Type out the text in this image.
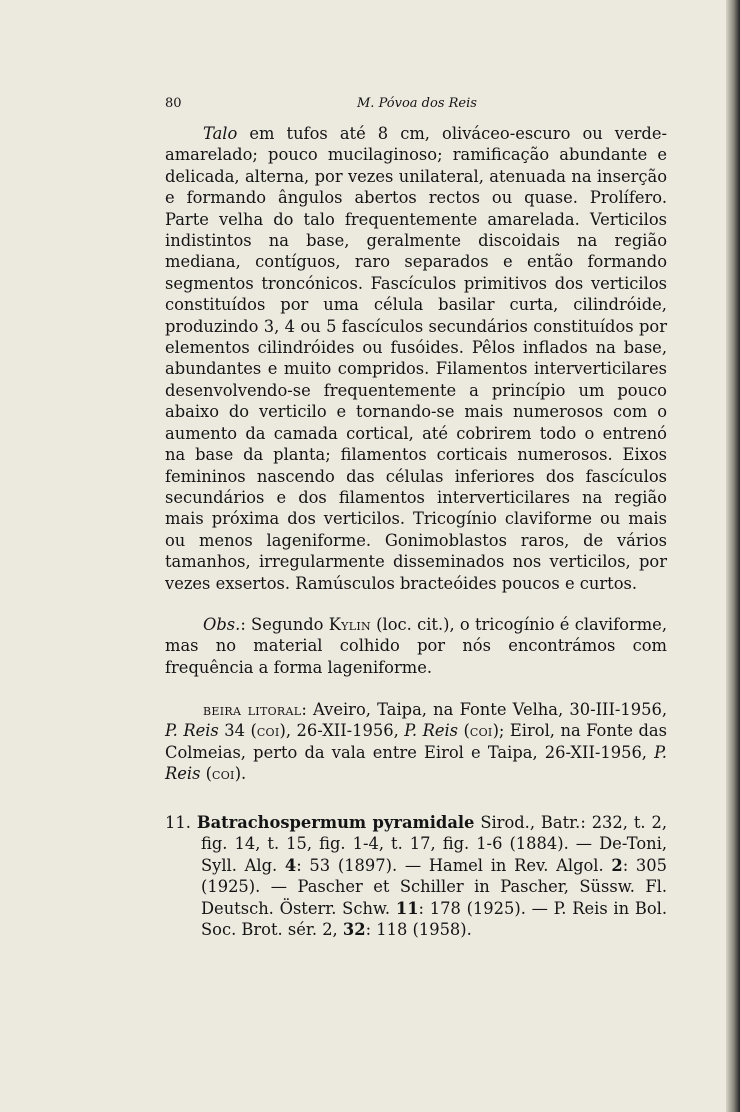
80	M. Póvoa dos Reis

Talo em tufos até 8 cm, oliváceo-escuro ou verde-amarelado; pouco mucilaginoso; ramificação abundante e delicada, alterna, por vezes unilateral, atenuada na inserção e formando ângulos abertos rectos ou quase. Prolífero. Parte velha do talo frequentemente amarelada. Verticilos indistintos na base, geralmente discoidais na região mediana, contíguos, raro separados e então formando segmentos troncónicos. Fascículos primitivos dos verticilos constituídos por uma célula basilar curta, cilindróide, produzindo 3, 4 ou 5 fascículos secundários constituídos por elementos cilindróides ou fusóides. Pêlos inflados na base, abundantes e muito compridos. Filamentos interverticilares desenvolvendo-se frequentemente a princípio um pouco abaixo do verticilo e tornando-se mais numerosos com o aumento da camada cortical, até cobrirem todo o entrenó na base da planta; filamentos corticais numerosos. Eixos femininos nascendo das células inferiores dos fascículos secundários e dos filamentos interverticilares na região mais próxima dos verticilos. Tricogínio claviforme ou mais ou menos lageniforme. Gonimoblastos raros, de vários tamanhos, irregularmente disseminados nos verticilos, por vezes exsertos. Ramúsculos bracteóides poucos e curtos.

Obs.: Segundo Kylin (loc. cit.), o tricogínio é claviforme, mas no material colhido por nós encontrámos com frequência a forma lageniforme.

beira litoral: Aveiro, Taipa, na Fonte Velha, 30-III-1956, P. Reis 34 (coi), 26-XII-1956, P. Reis (coi); Eirol, na Fonte das Colmeias, perto da vala entre Eirol e Taipa, 26-XII-1956, P. Reis (coi).

11. Batrachospermum pyramidale Sirod., Batr.: 232, t. 2, fig. 14, t. 15, fig. 1-4, t. 17, fig. 1-6 (1884). — De-Toni, Syll. Alg. 4: 53 (1897). — Hamel in Rev. Algol. 2: 305 (1925). — Pascher et Schiller in Pascher, Süssw. Fl. Deutsch. Österr. Schw. 11: 178 (1925). — P. Reis in Bol. Soc. Brot. sér. 2, 32: 118 (1958).
